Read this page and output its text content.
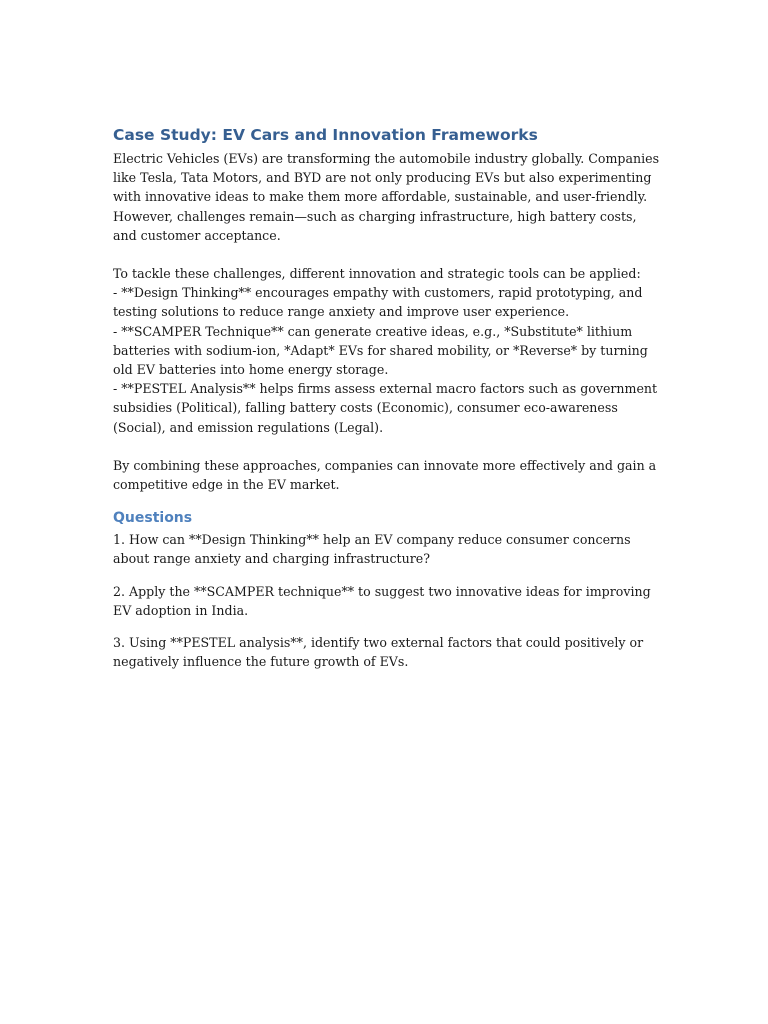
Case Study: EV Cars and Innovation Frameworks

Electric Vehicles (EVs) are transforming the automobile industry globally. Companies like Tesla, Tata Motors, and BYD are not only producing EVs but also experimenting with innovative ideas to make them more affordable, sustainable, and user-friendly. However, challenges remain—such as charging infrastructure, high battery costs, and customer acceptance.

To tackle these challenges, different innovation and strategic tools can be applied:

- **Design Thinking** encourages empathy with customers, rapid prototyping, and testing solutions to reduce range anxiety and improve user experience.

- **SCAMPER Technique** can generate creative ideas, e.g., *Substitute* lithium batteries with sodium-ion, *Adapt* EVs for shared mobility, or *Reverse* by turning old EV batteries into home energy storage.

- **PESTEL Analysis** helps firms assess external macro factors such as government subsidies (Political), falling battery costs (Economic), consumer eco-awareness (Social), and emission regulations (Legal).

By combining these approaches, companies can innovate more effectively and gain a competitive edge in the EV market.

Questions

1. How can **Design Thinking** help an EV company reduce consumer concerns about range anxiety and charging infrastructure?

2. Apply the **SCAMPER technique** to suggest two innovative ideas for improving EV adoption in India.

3. Using **PESTEL analysis**, identify two external factors that could positively or negatively influence the future growth of EVs.
